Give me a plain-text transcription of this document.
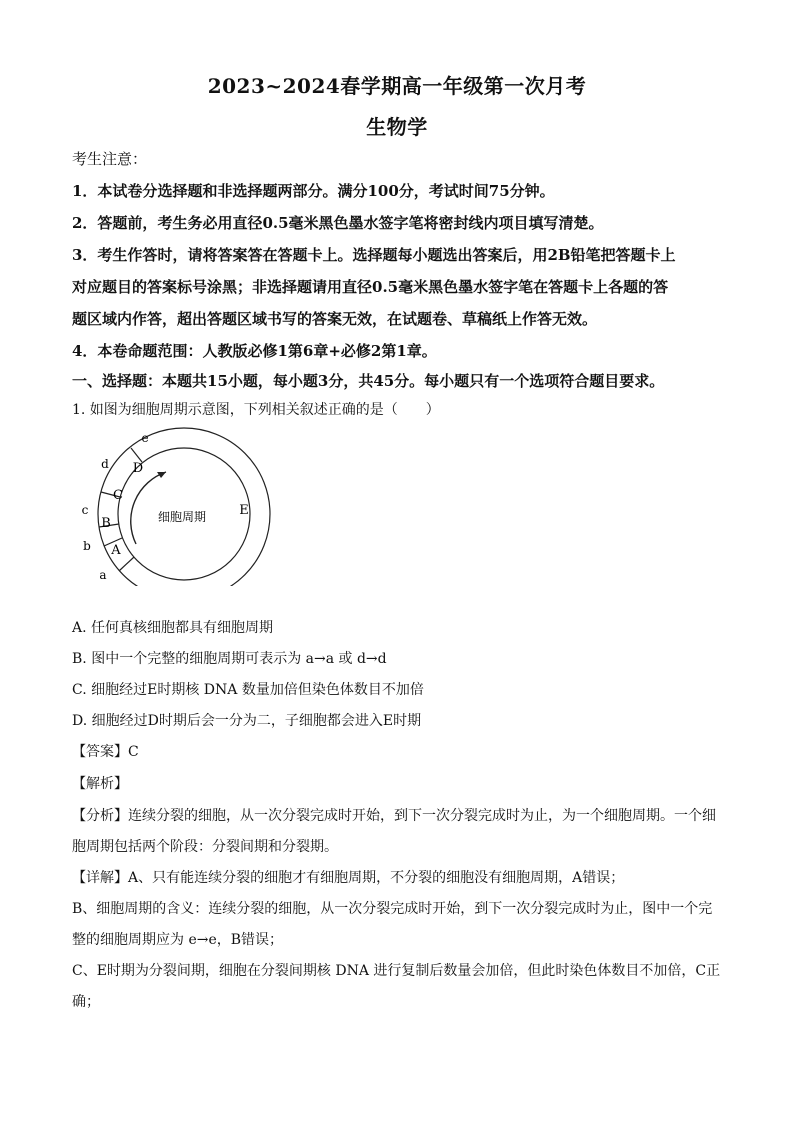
2023~2024春学期高一年级第一次月考
生物学
考生注意：
1．本试卷分选择题和非选择题两部分。满分100分，考试时间75分钟。
2．答题前，考生务必用直径0.5毫米黑色墨水签字笔将密封线内项目填写清楚。
3．考生作答时，请将答案答在答题卡上。选择题每小题选出答案后，用2B铅笔把答题卡上
对应题目的答案标号涂黑；非选择题请用直径0.5毫米黑色墨水签字笔在答题卡上各题的答
题区域内作答，超出答题区域书写的答案无效，在试题卷、草稿纸上作答无效。
4．本卷命题范围：人教版必修1第6章+必修2第1章。
一、选择题：本题共15小题，每小题3分，共45分。每小题只有一个选项符合题目要求。
1. 如图为细胞周期示意图，下列相关叙述正确的是（　　）
细胞周期
D
C
B
A
E
e
d
c
b
a
A. 任何真核细胞都具有细胞周期
B. 图中一个完整的细胞周期可表示为 a→a 或 d→d
C. 细胞经过E时期核 DNA 数量加倍但染色体数目不加倍
D. 细胞经过D时期后会一分为二，子细胞都会进入E时期
【答案】C
【解析】
【分析】连续分裂的细胞，从一次分裂完成时开始，到下一次分裂完成时为止，为一个细胞周期。一个细
胞周期包括两个阶段：分裂间期和分裂期。
【详解】A、只有能连续分裂的细胞才有细胞周期，不分裂的细胞没有细胞周期，A错误；
B、细胞周期的含义：连续分裂的细胞，从一次分裂完成时开始，到下一次分裂完成时为止，图中一个完
整的细胞周期应为 e→e，B错误；
C、E时期为分裂间期，细胞在分裂间期核 DNA 进行复制后数量会加倍，但此时染色体数目不加倍，C正
确；
